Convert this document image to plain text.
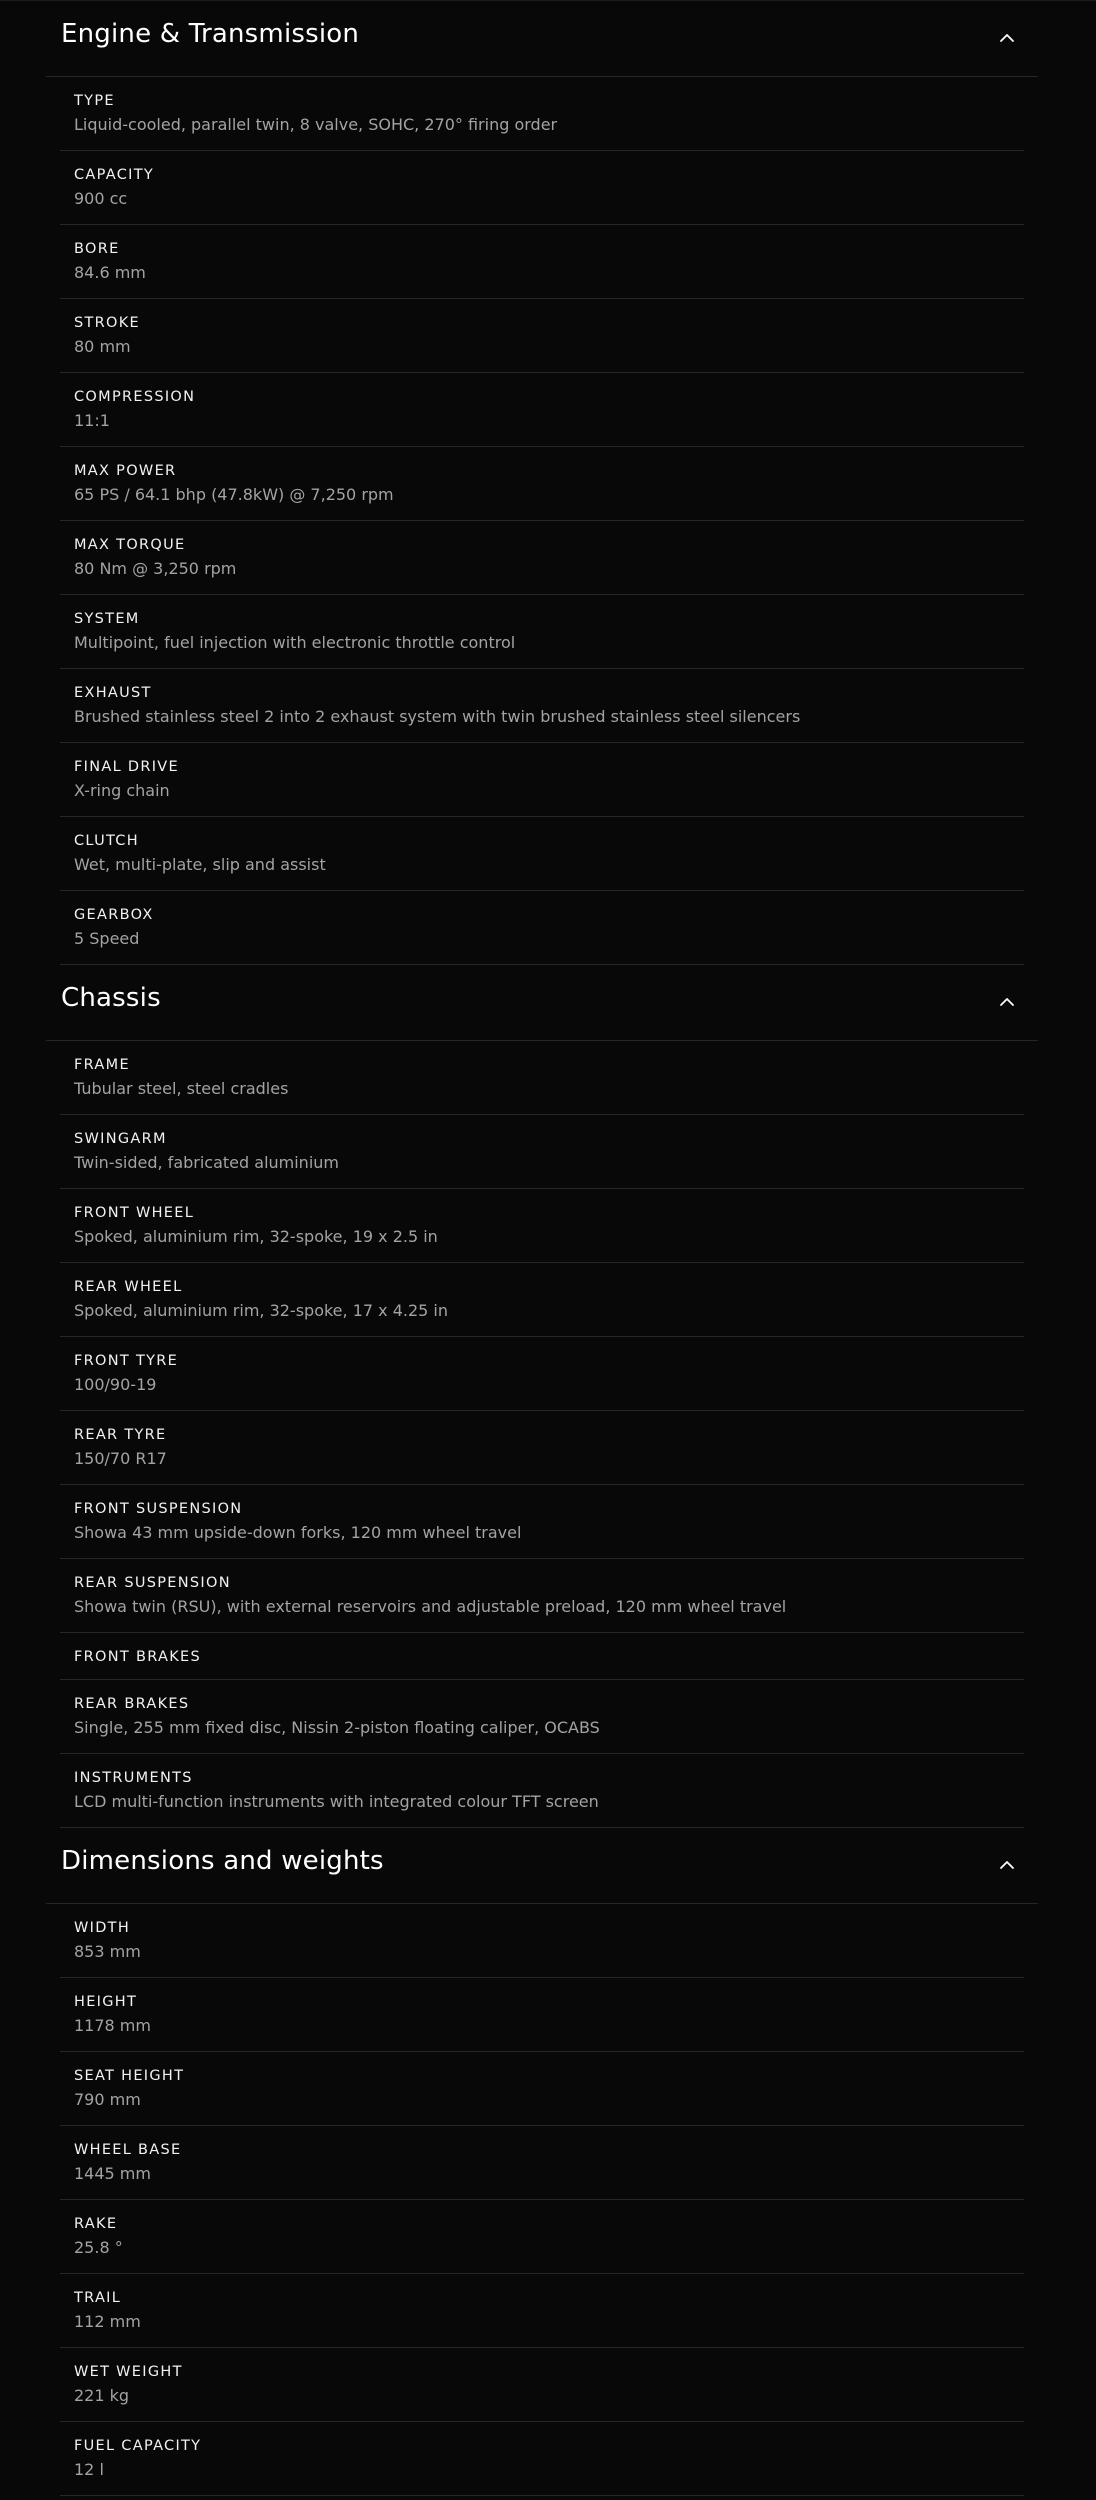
Engine & Transmission
TYPE
Liquid-cooled, parallel twin, 8 valve, SOHC, 270° firing order
CAPACITY
900 cc
BORE
84.6 mm
STROKE
80 mm
COMPRESSION
11:1
MAX POWER
65 PS / 64.1 bhp (47.8kW) @ 7,250 rpm
MAX TORQUE
80 Nm @ 3,250 rpm
SYSTEM
Multipoint, fuel injection with electronic throttle control
EXHAUST
Brushed stainless steel 2 into 2 exhaust system with twin brushed stainless steel silencers
FINAL DRIVE
X-ring chain
CLUTCH
Wet, multi-plate, slip and assist
GEARBOX
5 Speed
Chassis
FRAME
Tubular steel, steel cradles
SWINGARM
Twin-sided, fabricated aluminium
FRONT WHEEL
Spoked, aluminium rim, 32-spoke, 19 x 2.5 in
REAR WHEEL
Spoked, aluminium rim, 32-spoke, 17 x 4.25 in
FRONT TYRE
100/90-19
REAR TYRE
150/70 R17
FRONT SUSPENSION
Showa 43 mm upside-down forks, 120 mm wheel travel
REAR SUSPENSION
Showa twin (RSU), with external reservoirs and adjustable preload, 120 mm wheel travel
FRONT BRAKES
REAR BRAKES
Single, 255 mm fixed disc, Nissin 2-piston floating caliper, OCABS
INSTRUMENTS
LCD multi-function instruments with integrated colour TFT screen
Dimensions and weights
WIDTH
853 mm
HEIGHT
1178 mm
SEAT HEIGHT
790 mm
WHEEL BASE
1445 mm
RAKE
25.8 °
TRAIL
112 mm
WET WEIGHT
221 kg
FUEL CAPACITY
12 l
